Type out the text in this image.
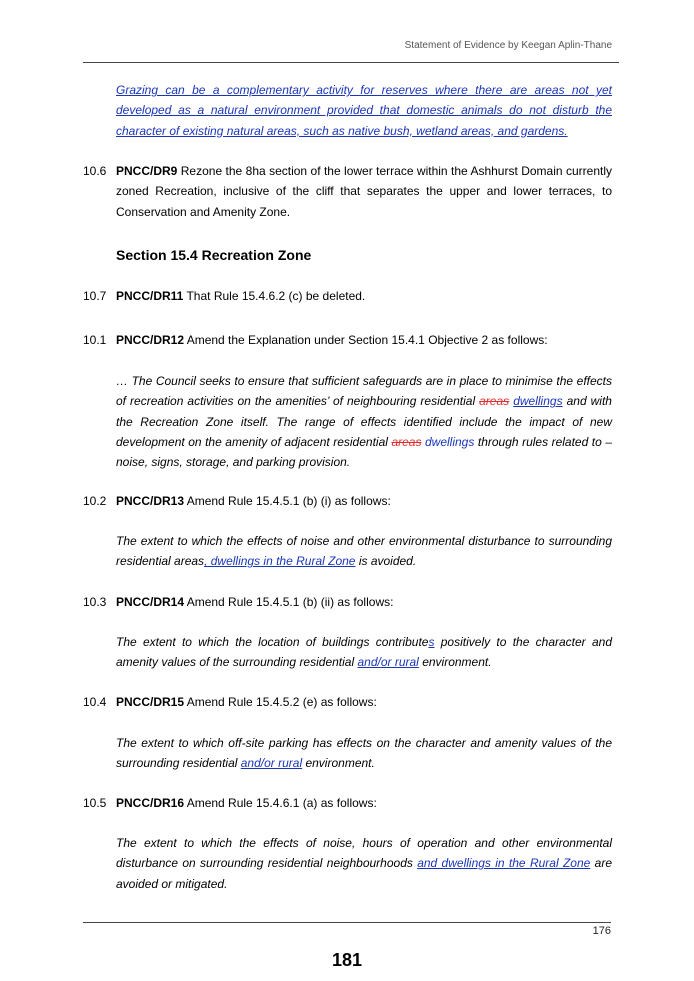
Statement of Evidence by Keegan Aplin-Thane
Grazing can be a complementary activity for reserves where there are areas not yet developed as a natural environment provided that domestic animals do not disturb the character of existing natural areas, such as native bush, wetland areas, and gardens.
10.6 PNCC/DR9 Rezone the 8ha section of the lower terrace within the Ashhurst Domain currently zoned Recreation, inclusive of the cliff that separates the upper and lower terraces, to Conservation and Amenity Zone.
Section 15.4 Recreation Zone
10.7 PNCC/DR11 That Rule 15.4.6.2 (c) be deleted.
10.1 PNCC/DR12 Amend the Explanation under Section 15.4.1 Objective 2 as follows:
… The Council seeks to ensure that sufficient safeguards are in place to minimise the effects of recreation activities on the amenities’ of neighbouring residential areas dwellings and with the Recreation Zone itself. The range of effects identified include the impact of new development on the amenity of adjacent residential areas dwellings through rules related to – noise, signs, storage, and parking provision.
10.2 PNCC/DR13 Amend Rule 15.4.5.1 (b) (i) as follows:
The extent to which the effects of noise and other environmental disturbance to surrounding residential areas, dwellings in the Rural Zone is avoided.
10.3 PNCC/DR14 Amend Rule 15.4.5.1 (b) (ii) as follows:
The extent to which the location of buildings contributes positively to the character and amenity values of the surrounding residential and/or rural environment.
10.4 PNCC/DR15 Amend Rule 15.4.5.2 (e) as follows:
The extent to which off-site parking has effects on the character and amenity values of the surrounding residential and/or rural environment.
10.5 PNCC/DR16 Amend Rule 15.4.6.1 (a) as follows:
The extent to which the effects of noise, hours of operation and other environmental disturbance on surrounding residential neighbourhoods and dwellings in the Rural Zone are avoided or mitigated.
176
181
